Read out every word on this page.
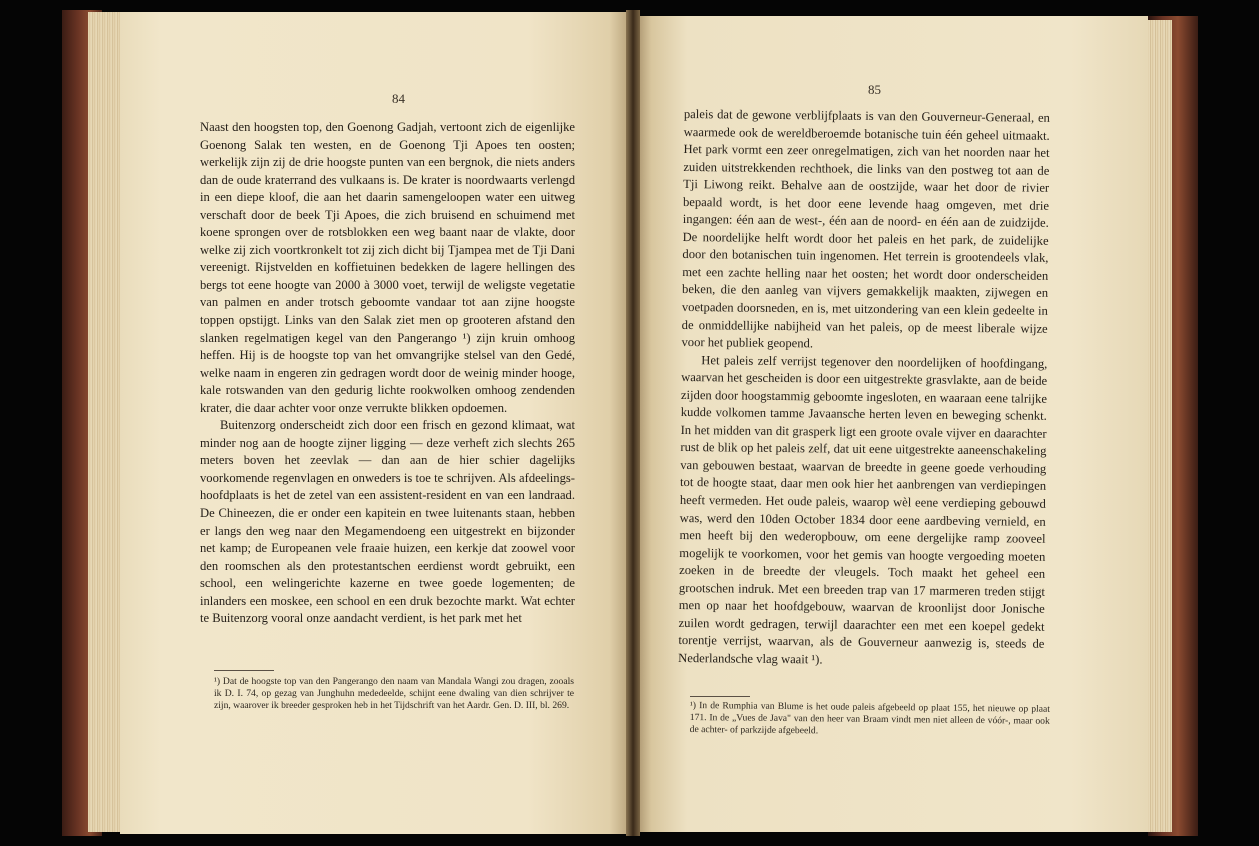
84

Naast den hoogsten top, den Goenong Gadjah, vertoont zich de eigenlijke Goenong Salak ten westen, en de Goenong Tji Apoes ten oosten; werkelijk zijn zij de drie hoogste punten van een bergnok, die niets anders dan de oude kraterrand des vulkaans is. De krater is noordwaarts verlengd in een diepe kloof, die aan het daarin samengeloopen water een uitweg verschaft door de beek Tji Apoes, die zich bruisend en schuimend met koene sprongen over de rotsblokken een weg baant naar de vlakte, door welke zij zich voortkronkelt tot zij zich dicht bij Tjampea met de Tji Dani vereenigt. Rijstvelden en koffietuinen bedekken de lagere hellingen des bergs tot eene hoogte van 2000 à 3000 voet, terwijl de weligste vegetatie van palmen en ander trotsch geboomte vandaar tot aan zijne hoogste toppen opstijgt. Links van den Salak ziet men op grooteren afstand den slanken regelmatigen kegel van den Pangerango ¹) zijn kruin omhoog heffen. Hij is de hoogste top van het omvangrijke stelsel van den Gedé, welke naam in engeren zin gedragen wordt door de weinig minder hooge, kale rotswanden van den gedurig lichte rookwolken omhoog zendenden krater, die daar achter voor onze verrukte blikken opdoemen.

Buitenzorg onderscheidt zich door een frisch en gezond klimaat, wat minder nog aan de hoogte zijner ligging — deze verheft zich slechts 265 meters boven het zeevlak — dan aan de hier schier dagelijks voorkomende regenvlagen en onweders is toe te schrijven. Als afdeelings-hoofdplaats is het de zetel van een assistent-resident en van een landraad. De Chineezen, die er onder een kapitein en twee luitenants staan, hebben er langs den weg naar den Megamendoeng een uitgestrekt en bijzonder net kamp; de Europeanen vele fraaie huizen, een kerkje dat zoowel voor den roomschen als den protestantschen eerdienst wordt gebruikt, een school, een welingerichte kazerne en twee goede logementen; de inlanders een moskee, een school en een druk bezochte markt. Wat echter te Buitenzorg vooral onze aandacht verdient, is het park met het

¹) Dat de hoogste top van den Pangerango den naam van Mandala Wangi zou dragen, zooals ik D. I. 74, op gezag van Junghuhn mededeelde, schijnt eene dwaling van dien schrijver te zijn, waarover ik breeder gesproken heb in het Tijdschrift van het Aardr. Gen. D. III, bl. 269.

85

paleis dat de gewone verblijfplaats is van den Gouverneur-Generaal, en waarmede ook de wereldberoemde botanische tuin één geheel uitmaakt. Het park vormt een zeer onregelmatigen, zich van het noorden naar het zuiden uitstrekkenden rechthoek, die links van den postweg tot aan de Tji Liwong reikt. Behalve aan de oostzijde, waar het door de rivier bepaald wordt, is het door eene levende haag omgeven, met drie ingangen: één aan de west-, één aan de noord- en één aan de zuidzijde. De noordelijke helft wordt door het paleis en het park, de zuidelijke door den botanischen tuin ingenomen. Het terrein is grootendeels vlak, met een zachte helling naar het oosten; het wordt door onderscheiden beken, die den aanleg van vijvers gemakkelijk maakten, zijwegen en voetpaden doorsneden, en is, met uitzondering van een klein gedeelte in de onmiddellijke nabijheid van het paleis, op de meest liberale wijze voor het publiek geopend.

Het paleis zelf verrijst tegenover den noordelijken of hoofdingang, waarvan het gescheiden is door een uitgestrekte grasvlakte, aan de beide zijden door hoogstammig geboomte ingesloten, en waaraan eene talrijke kudde volkomen tamme Javaansche herten leven en beweging schenkt. In het midden van dit grasperk ligt een groote ovale vijver en daarachter rust de blik op het paleis zelf, dat uit eene uitgestrekte aaneenschakeling van gebouwen bestaat, waarvan de breedte in geene goede verhouding tot de hoogte staat, daar men ook hier het aanbrengen van verdiepingen heeft vermeden. Het oude paleis, waarop wèl eene verdieping gebouwd was, werd den 10den October 1834 door eene aardbeving vernield, en men heeft bij den wederopbouw, om eene dergelijke ramp zooveel mogelijk te voorkomen, voor het gemis van hoogte vergoeding moeten zoeken in de breedte der vleugels. Toch maakt het geheel een grootschen indruk. Met een breeden trap van 17 marmeren treden stijgt men op naar het hoofdgebouw, waarvan de kroonlijst door Jonische zuilen wordt gedragen, terwijl daarachter een met een koepel gedekt torentje verrijst, waarvan, als de Gouverneur aanwezig is, steeds de Nederlandsche vlag waait ¹).

¹) In de Rumphia van Blume is het oude paleis afgebeeld op plaat 155, het nieuwe op plaat 171. In de „Vues de Java" van den heer van Braam vindt men niet alleen de vóór-, maar ook de achter- of parkzijde afgebeeld.
